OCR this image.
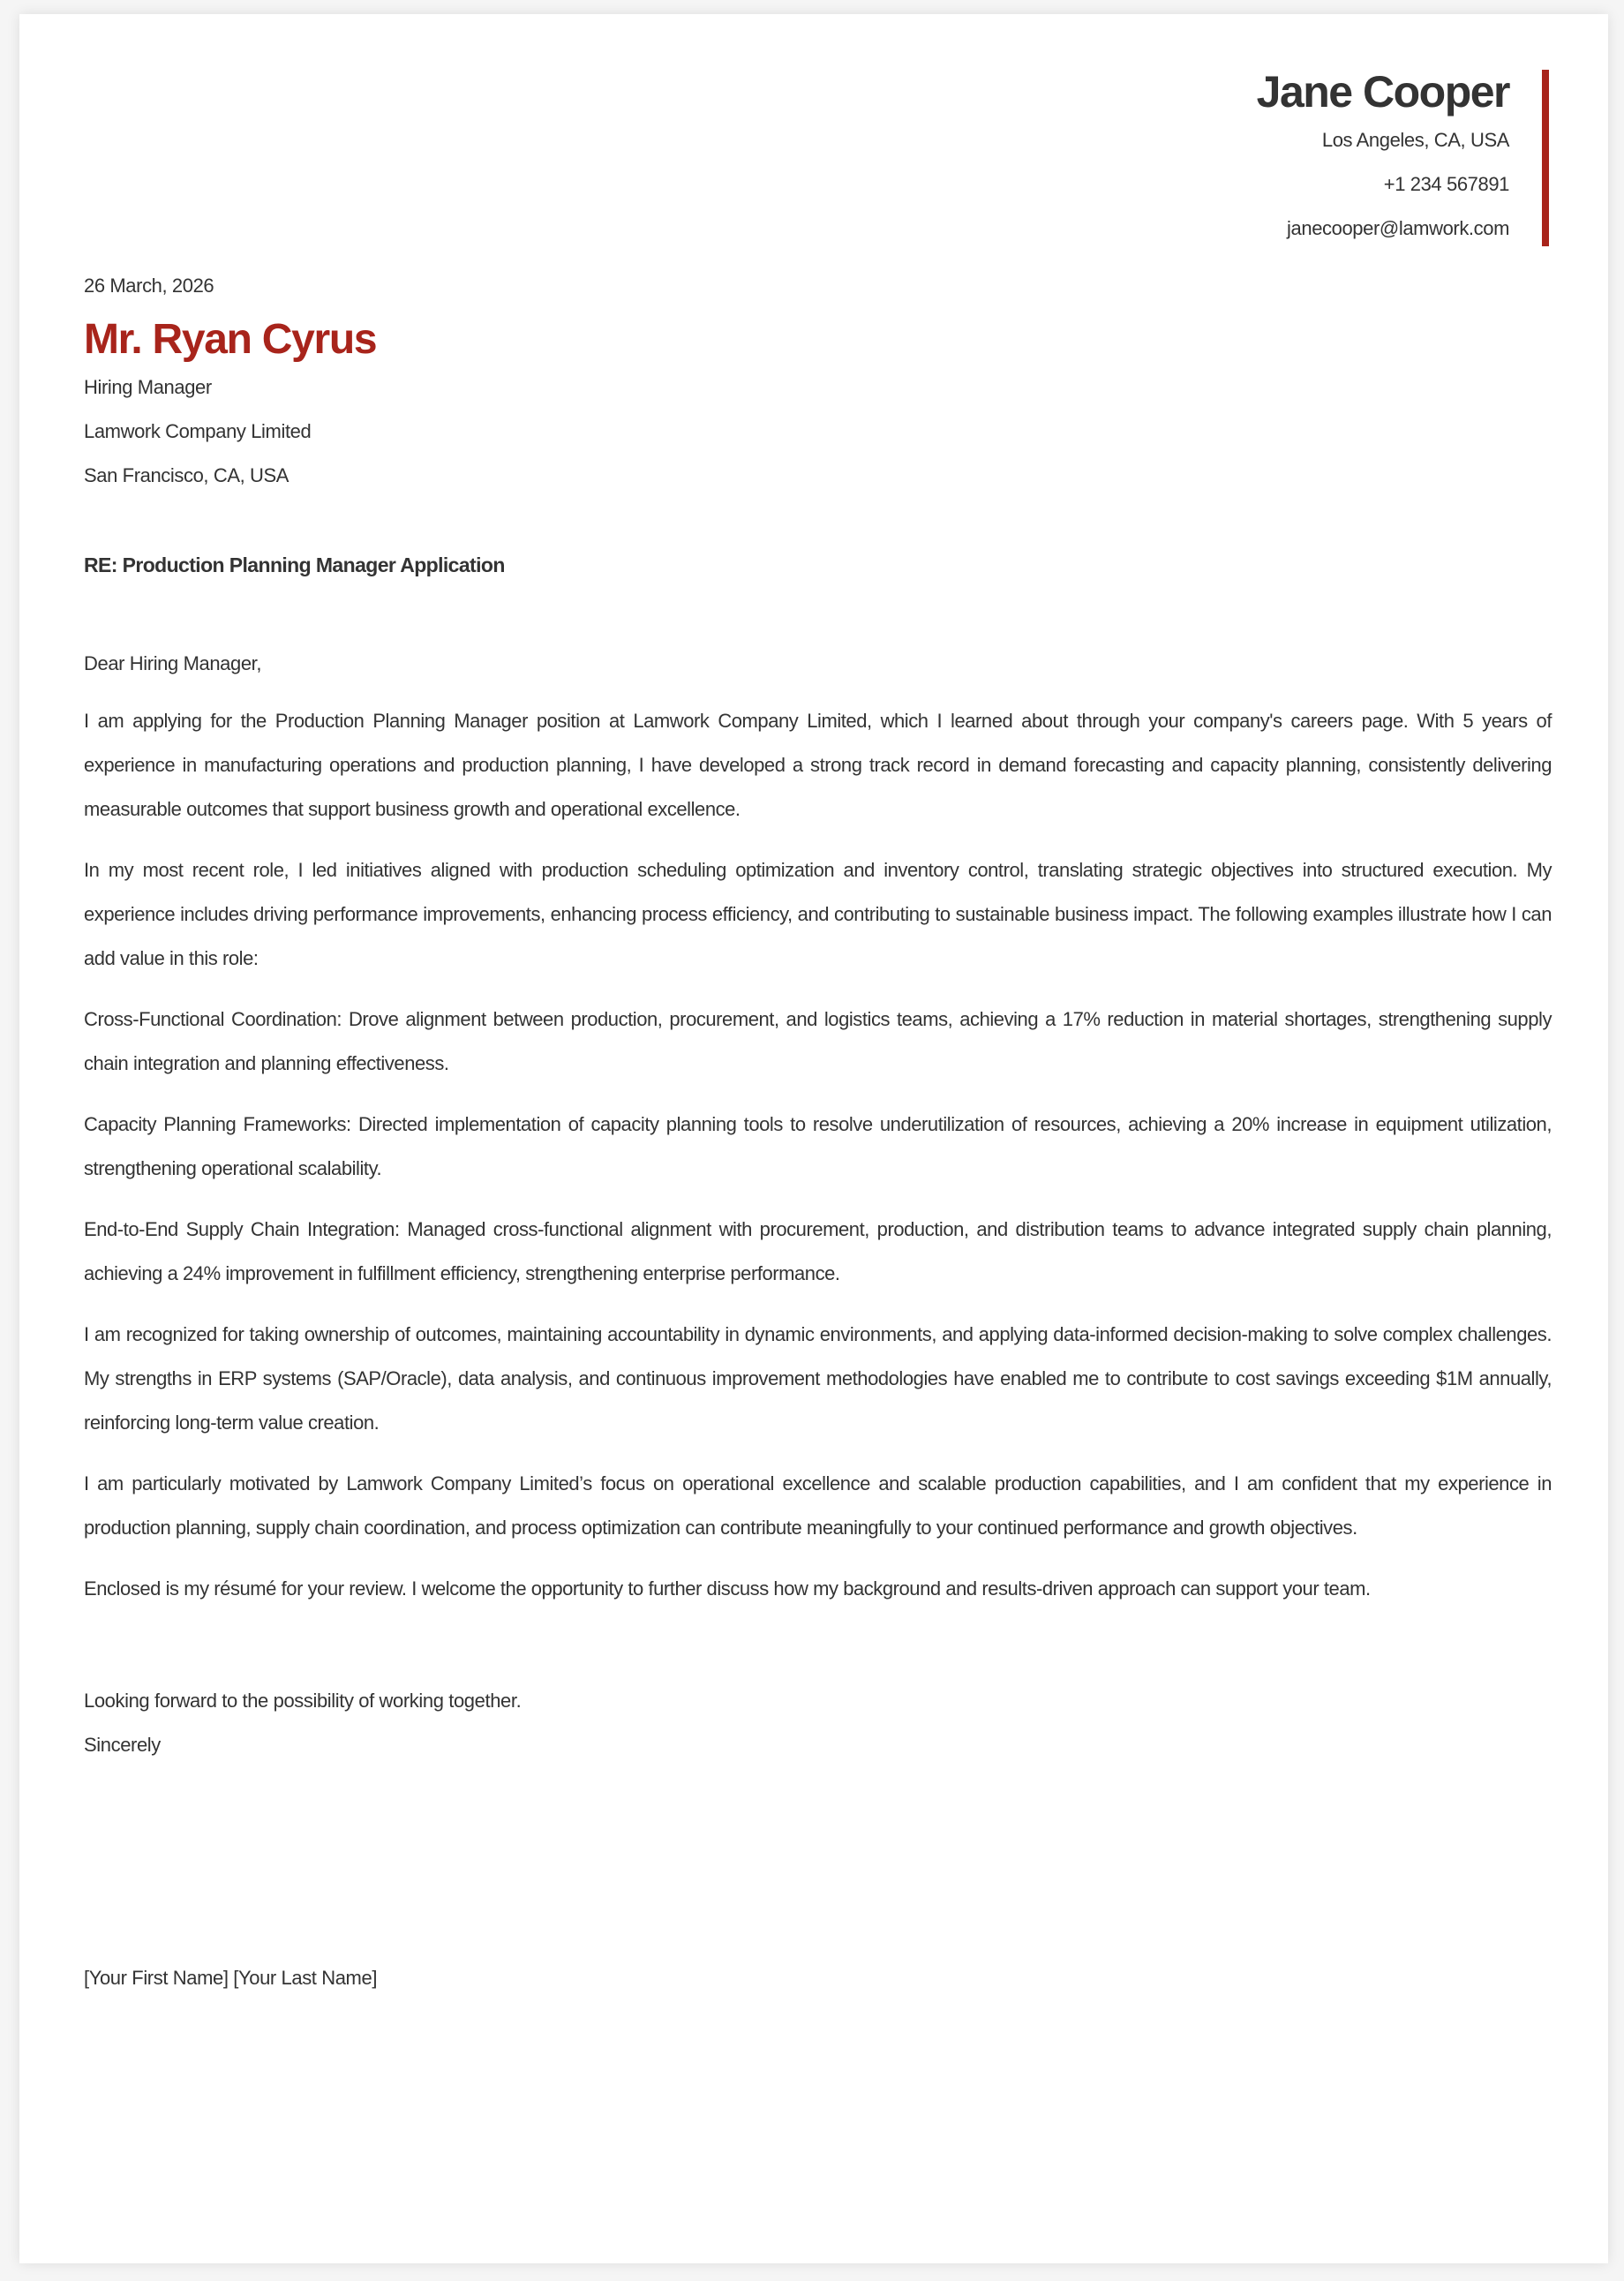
Jane Cooper
Los Angeles, CA, USA
+1 234 567891
janecooper@lamwork.com
26 March, 2026
Mr. Ryan Cyrus
Hiring Manager
Lamwork Company Limited
San Francisco, CA, USA
RE: Production Planning Manager Application
Dear Hiring Manager,

I am applying for the Production Planning Manager position at Lamwork Company Limited, which I learned about through your company's careers page. With 5 years of experience in manufacturing operations and production planning, I have developed a strong track record in demand forecasting and capacity planning, consistently delivering measurable outcomes that support business growth and operational excellence.

In my most recent role, I led initiatives aligned with production scheduling optimization and inventory control, translating strategic objectives into structured execution. My experience includes driving performance improvements, enhancing process efficiency, and contributing to sustainable business impact. The following examples illustrate how I can add value in this role:

Cross-Functional Coordination: Drove alignment between production, procurement, and logistics teams, achieving a 17% reduction in material shortages, strengthening supply chain integration and planning effectiveness.

Capacity Planning Frameworks: Directed implementation of capacity planning tools to resolve underutilization of resources, achieving a 20% increase in equipment utilization, strengthening operational scalability.

End-to-End Supply Chain Integration: Managed cross-functional alignment with procurement, production, and distribution teams to advance integrated supply chain planning, achieving a 24% improvement in fulfillment efficiency, strengthening enterprise performance.

I am recognized for taking ownership of outcomes, maintaining accountability in dynamic environments, and applying data-informed decision-making to solve complex challenges. My strengths in ERP systems (SAP/Oracle), data analysis, and continuous improvement methodologies have enabled me to contribute to cost savings exceeding $1M annually, reinforcing long-term value creation.

I am particularly motivated by Lamwork Company Limited’s focus on operational excellence and scalable production capabilities, and I am confident that my experience in production planning, supply chain coordination, and process optimization can contribute meaningfully to your continued performance and growth objectives.

Enclosed is my résumé for your review. I welcome the opportunity to further discuss how my background and results-driven approach can support your team.

Looking forward to the possibility of working together.
Sincerely
[Your First Name] [Your Last Name]
